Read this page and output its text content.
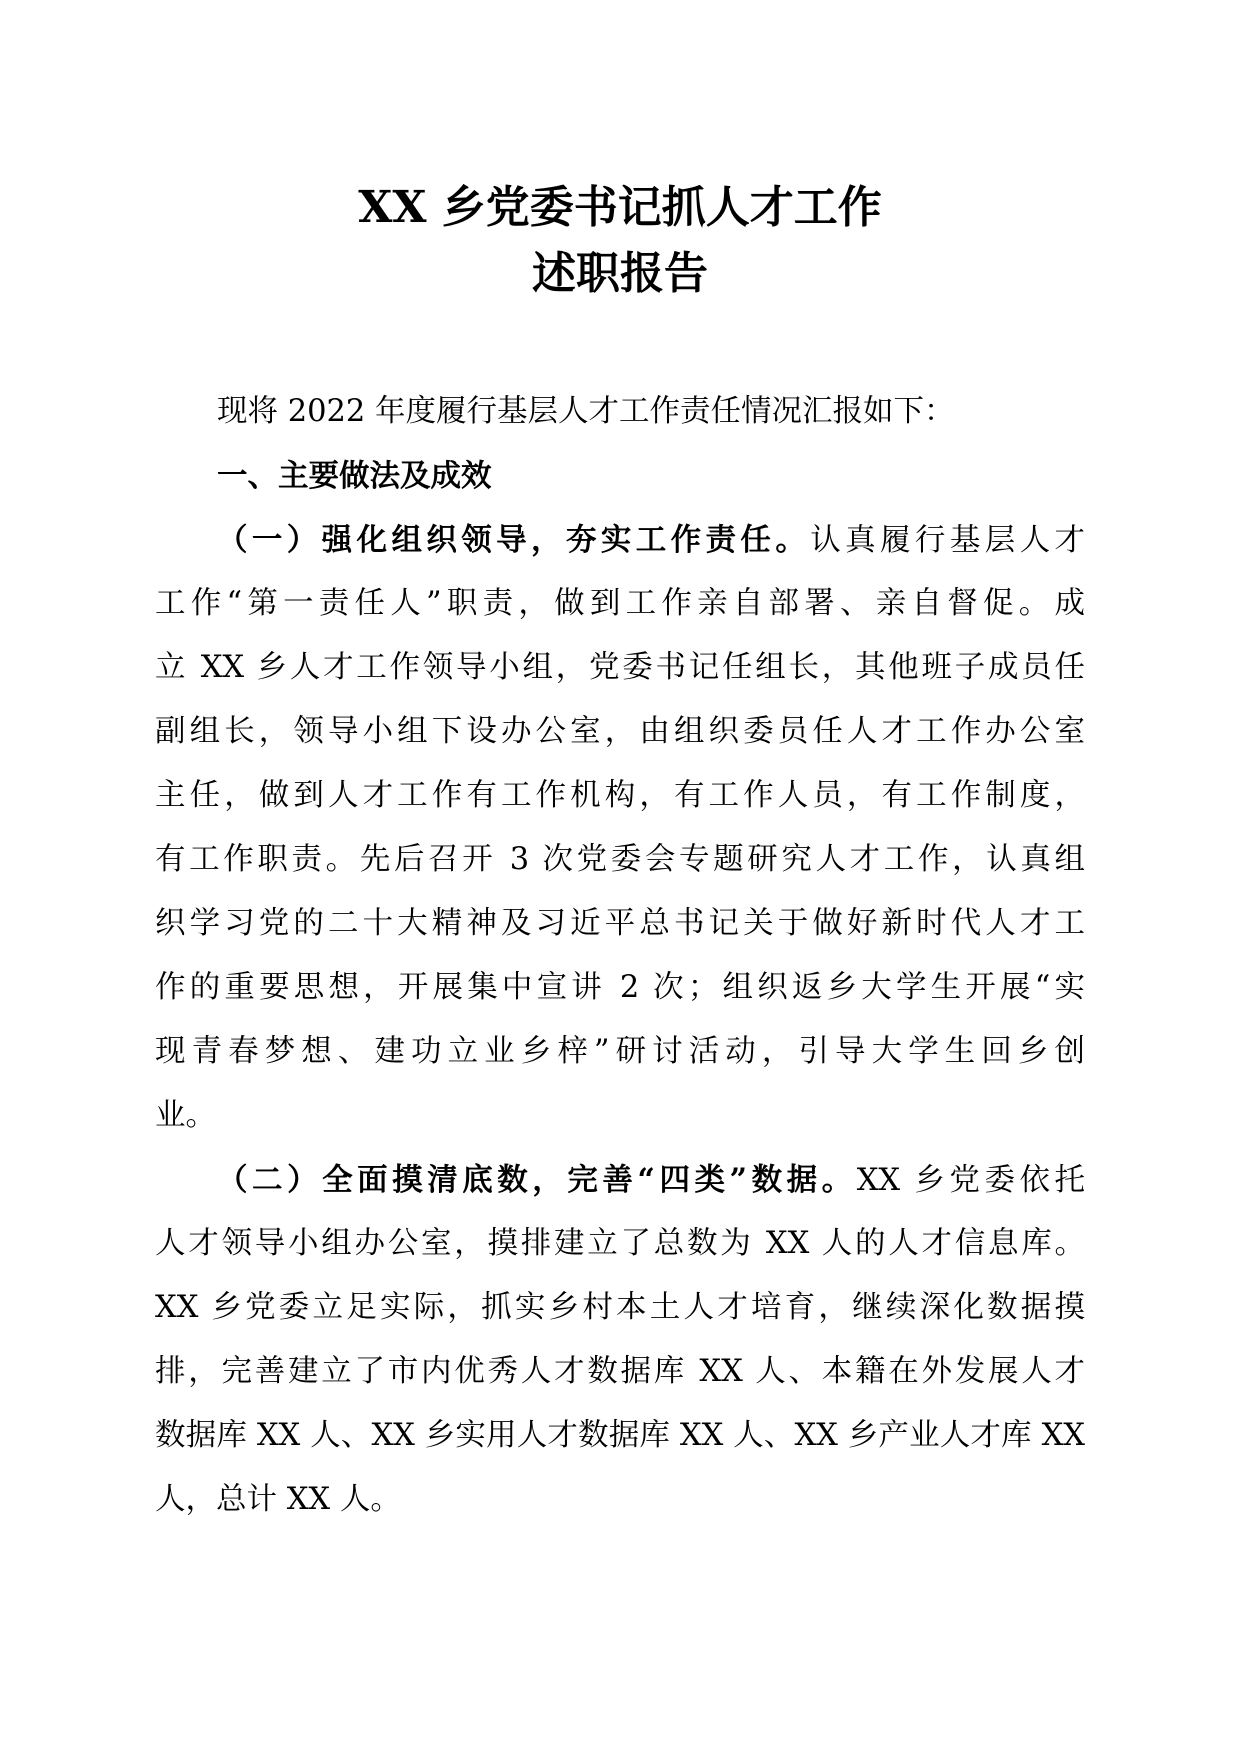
XX 乡党委书记抓人才工作
述职报告

现将 2022 年度履行基层人才工作责任情况汇报如下：

一、主要做法及成效

（一）强化组织领导，夯实工作责任。认真履行基层人才

工作“第一责任人”职责，做到工作亲自部署、亲自督促。成

立 XX 乡人才工作领导小组，党委书记任组长，其他班子成员任

副组长，领导小组下设办公室，由组织委员任人才工作办公室

主任，做到人才工作有工作机构，有工作人员，有工作制度，

有工作职责。先后召开 3 次党委会专题研究人才工作，认真组

织学习党的二十大精神及习近平总书记关于做好新时代人才工

作的重要思想，开展集中宣讲 2 次；组织返乡大学生开展“实

现青春梦想、建功立业乡梓”研讨活动，引导大学生回乡创

业。

（二）全面摸清底数，完善“四类”数据。XX 乡党委依托

人才领导小组办公室，摸排建立了总数为 XX 人的人才信息库。

XX 乡党委立足实际，抓实乡村本土人才培育，继续深化数据摸

排，完善建立了市内优秀人才数据库 XX 人、本籍在外发展人才

数据库 XX 人、XX 乡实用人才数据库 XX 人、XX 乡产业人才库 XX

人，总计 XX 人。
